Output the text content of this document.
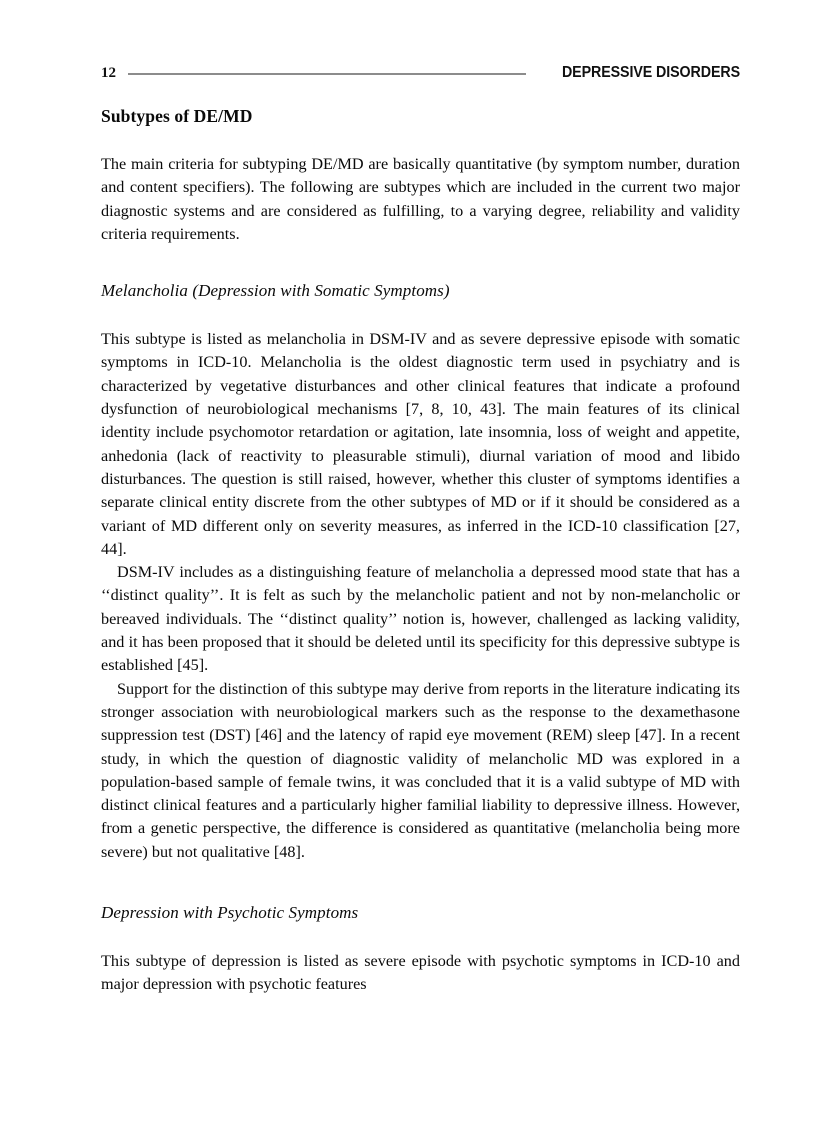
12	DEPRESSIVE DISORDERS
Subtypes of DE/MD

The main criteria for subtyping DE/MD are basically quantitative (by symptom number, duration and content specifiers). The following are subtypes which are included in the current two major diagnostic systems and are considered as fulfilling, to a varying degree, reliability and validity criteria requirements.

Melancholia (Depression with Somatic Symptoms)

This subtype is listed as melancholia in DSM-IV and as severe depressive episode with somatic symptoms in ICD-10. Melancholia is the oldest diagnostic term used in psychiatry and is characterized by vegetative disturbances and other clinical features that indicate a profound dysfunction of neurobiological mechanisms [7, 8, 10, 43]. The main features of its clinical identity include psychomotor retardation or agitation, late insomnia, loss of weight and appetite, anhedonia (lack of reactivity to pleasurable stimuli), diurnal variation of mood and libido disturbances. The question is still raised, however, whether this cluster of symptoms identifies a separate clinical entity discrete from the other subtypes of MD or if it should be considered as a variant of MD different only on severity measures, as inferred in the ICD-10 classification [27, 44].

DSM-IV includes as a distinguishing feature of melancholia a depressed mood state that has a ‘‘distinct quality’’. It is felt as such by the melancholic patient and not by non-melancholic or bereaved individuals. The ‘‘distinct quality’’ notion is, however, challenged as lacking validity, and it has been proposed that it should be deleted until its specificity for this depressive subtype is established [45].

Support for the distinction of this subtype may derive from reports in the literature indicating its stronger association with neurobiological markers such as the response to the dexamethasone suppression test (DST) [46] and the latency of rapid eye movement (REM) sleep [47]. In a recent study, in which the question of diagnostic validity of melancholic MD was explored in a population-based sample of female twins, it was concluded that it is a valid subtype of MD with distinct clinical features and a particularly higher familial liability to depressive illness. However, from a genetic perspective, the difference is considered as quantitative (melancholia being more severe) but not qualitative [48].

Depression with Psychotic Symptoms

This subtype of depression is listed as severe episode with psychotic symptoms in ICD-10 and major depression with psychotic features
